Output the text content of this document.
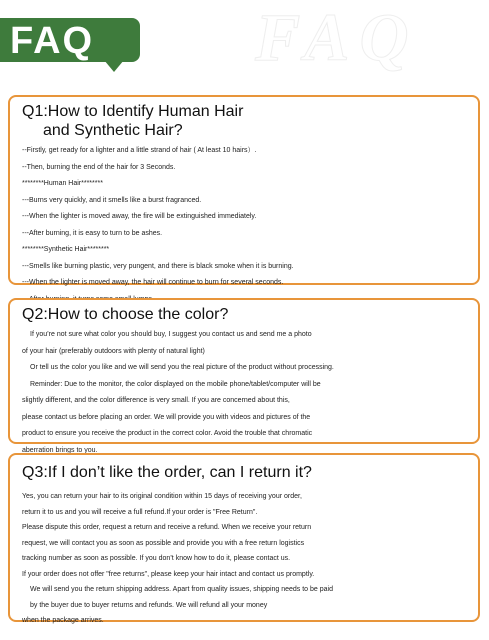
FAQ
FAQ
Q1:How to Identify Human Hair
and Synthetic Hair?
--Firstly, get ready for a lighter and a little strand of hair ( At least 10 hairs）.
--Then, burning the end of the hair for 3 Seconds.
********Human Hair********
---Burns very quickly, and it smells like a burst fragranced.
---When the lighter is moved away, the fire will be extinguished immediately.
---After burning, it is easy to turn to be ashes.
********Synthetic Hair********
---Smells like burning plastic, very pungent, and there is black smoke when it is burning.
---When the lighter is moved away, the hair will continue to burn for several seconds.
Q2:How to choose the color?
If you’re not sure what color you should buy, I suggest you contact us and send me a photo
of your hair (preferably outdoors with plenty of natural light)
Or tell us the color you like and we will send you the real picture of the product without processing.
Reminder: Due to the monitor, the color displayed on the mobile phone/tablet/computer will be
slightly different, and the color difference is very small. If you are concerned about this,
please contact us before placing an order. We will provide you with videos and pictures of the
product to ensure you receive the product in the correct color. Avoid the trouble that chromatic
aberration brings to you.
Q3:If I don’t like the order, can I return it?
Yes, you can return your hair to its original condition within 15 days of receiving your order,
return it to us and you will receive a full refund.If your order is "Free Return".
Please dispute this order, request a return and receive a refund. When we receive your return
request, we will contact you as soon as possible and provide you with a free return logistics
tracking number as soon as possible. If you don’t know how to do it, please contact us.
If your order does not offer "free returns", please keep your hair intact and contact us promptly.
We will send you the return shipping address. Apart from quality issues, shipping needs to be paid
by the buyer due to buyer returns and refunds. We will refund all your money
when the package arrives.
